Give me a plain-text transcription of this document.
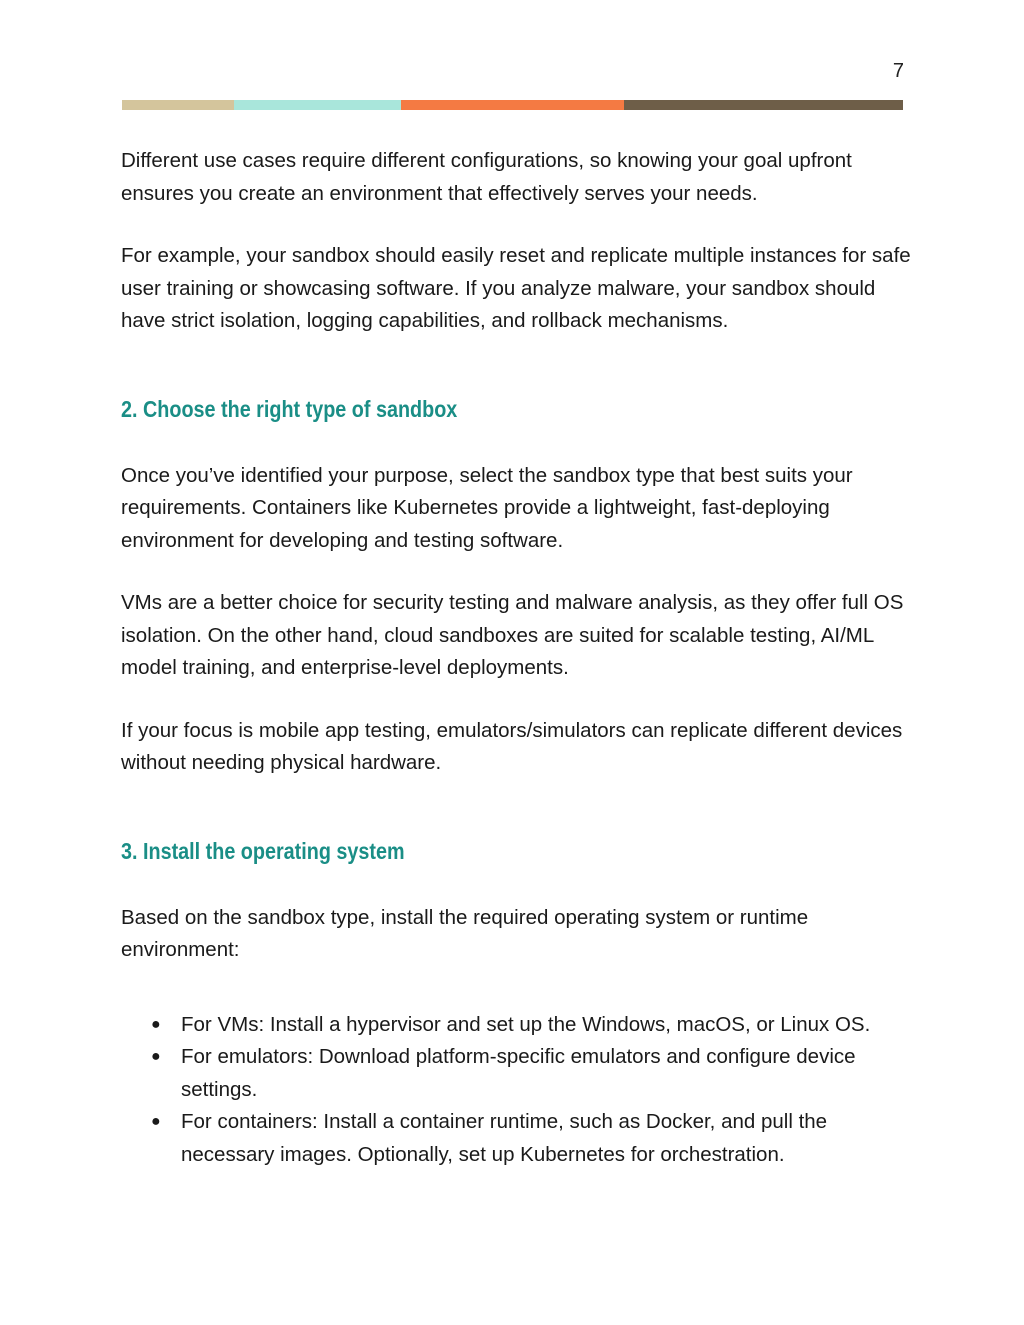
7

Different use cases require different configurations, so knowing your goal upfront ensures you create an environment that effectively serves your needs.

For example, your sandbox should easily reset and replicate multiple instances for safe user training or showcasing software. If you analyze malware, your sandbox should have strict isolation, logging capabilities, and rollback mechanisms.

2. Choose the right type of sandbox

Once you’ve identified your purpose, select the sandbox type that best suits your requirements. Containers like Kubernetes provide a lightweight, fast-deploying environment for developing and testing software.

VMs are a better choice for security testing and malware analysis, as they offer full OS isolation. On the other hand, cloud sandboxes are suited for scalable testing, AI/ML model training, and enterprise-level deployments.

If your focus is mobile app testing, emulators/simulators can replicate different devices without needing physical hardware.

3. Install the operating system

Based on the sandbox type, install the required operating system or runtime environment:

● For VMs: Install a hypervisor and set up the Windows, macOS, or Linux OS.
● For emulators: Download platform-specific emulators and configure device settings.
● For containers: Install a container runtime, such as Docker, and pull the necessary images. Optionally, set up Kubernetes for orchestration.
